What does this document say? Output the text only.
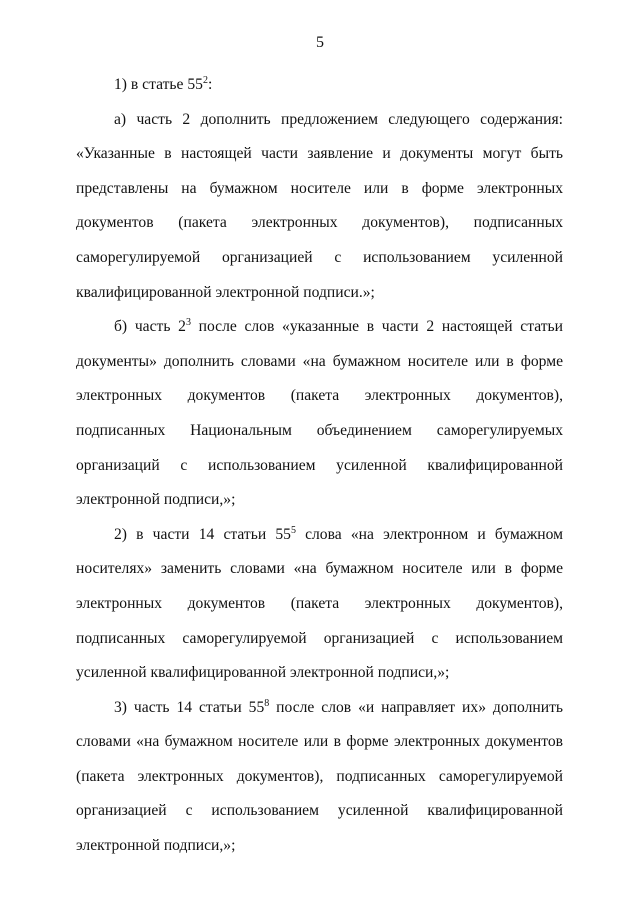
5

1) в статье $55^2$:

а) часть 2 дополнить предложением следующего содержания: «Указанные в настоящей части заявление и документы могут быть представлены на бумажном носителе или в форме электронных документов (пакета электронных документов), подписанных саморегулируемой организацией с использованием усиленной квалифицированной электронной подписи.»;

б) часть $2^3$ после слов «указанные в части 2 настоящей статьи документы» дополнить словами «на бумажном носителе или в форме электронных документов (пакета электронных документов), подписанных Национальным объединением саморегулируемых организаций с использованием усиленной квалифицированной электронной подписи,»;

2) в части 14 статьи $55^5$ слова «на электронном и бумажном носителях» заменить словами «на бумажном носителе или в форме электронных документов (пакета электронных документов), подписанных саморегулируемой организацией с использованием усиленной квалифицированной электронной подписи,»;

3) часть 14 статьи $55^8$ после слов «и направляет их» дополнить словами «на бумажном носителе или в форме электронных документов (пакета электронных документов), подписанных саморегулируемой организацией с использованием усиленной квалифицированной электронной подписи,»;
